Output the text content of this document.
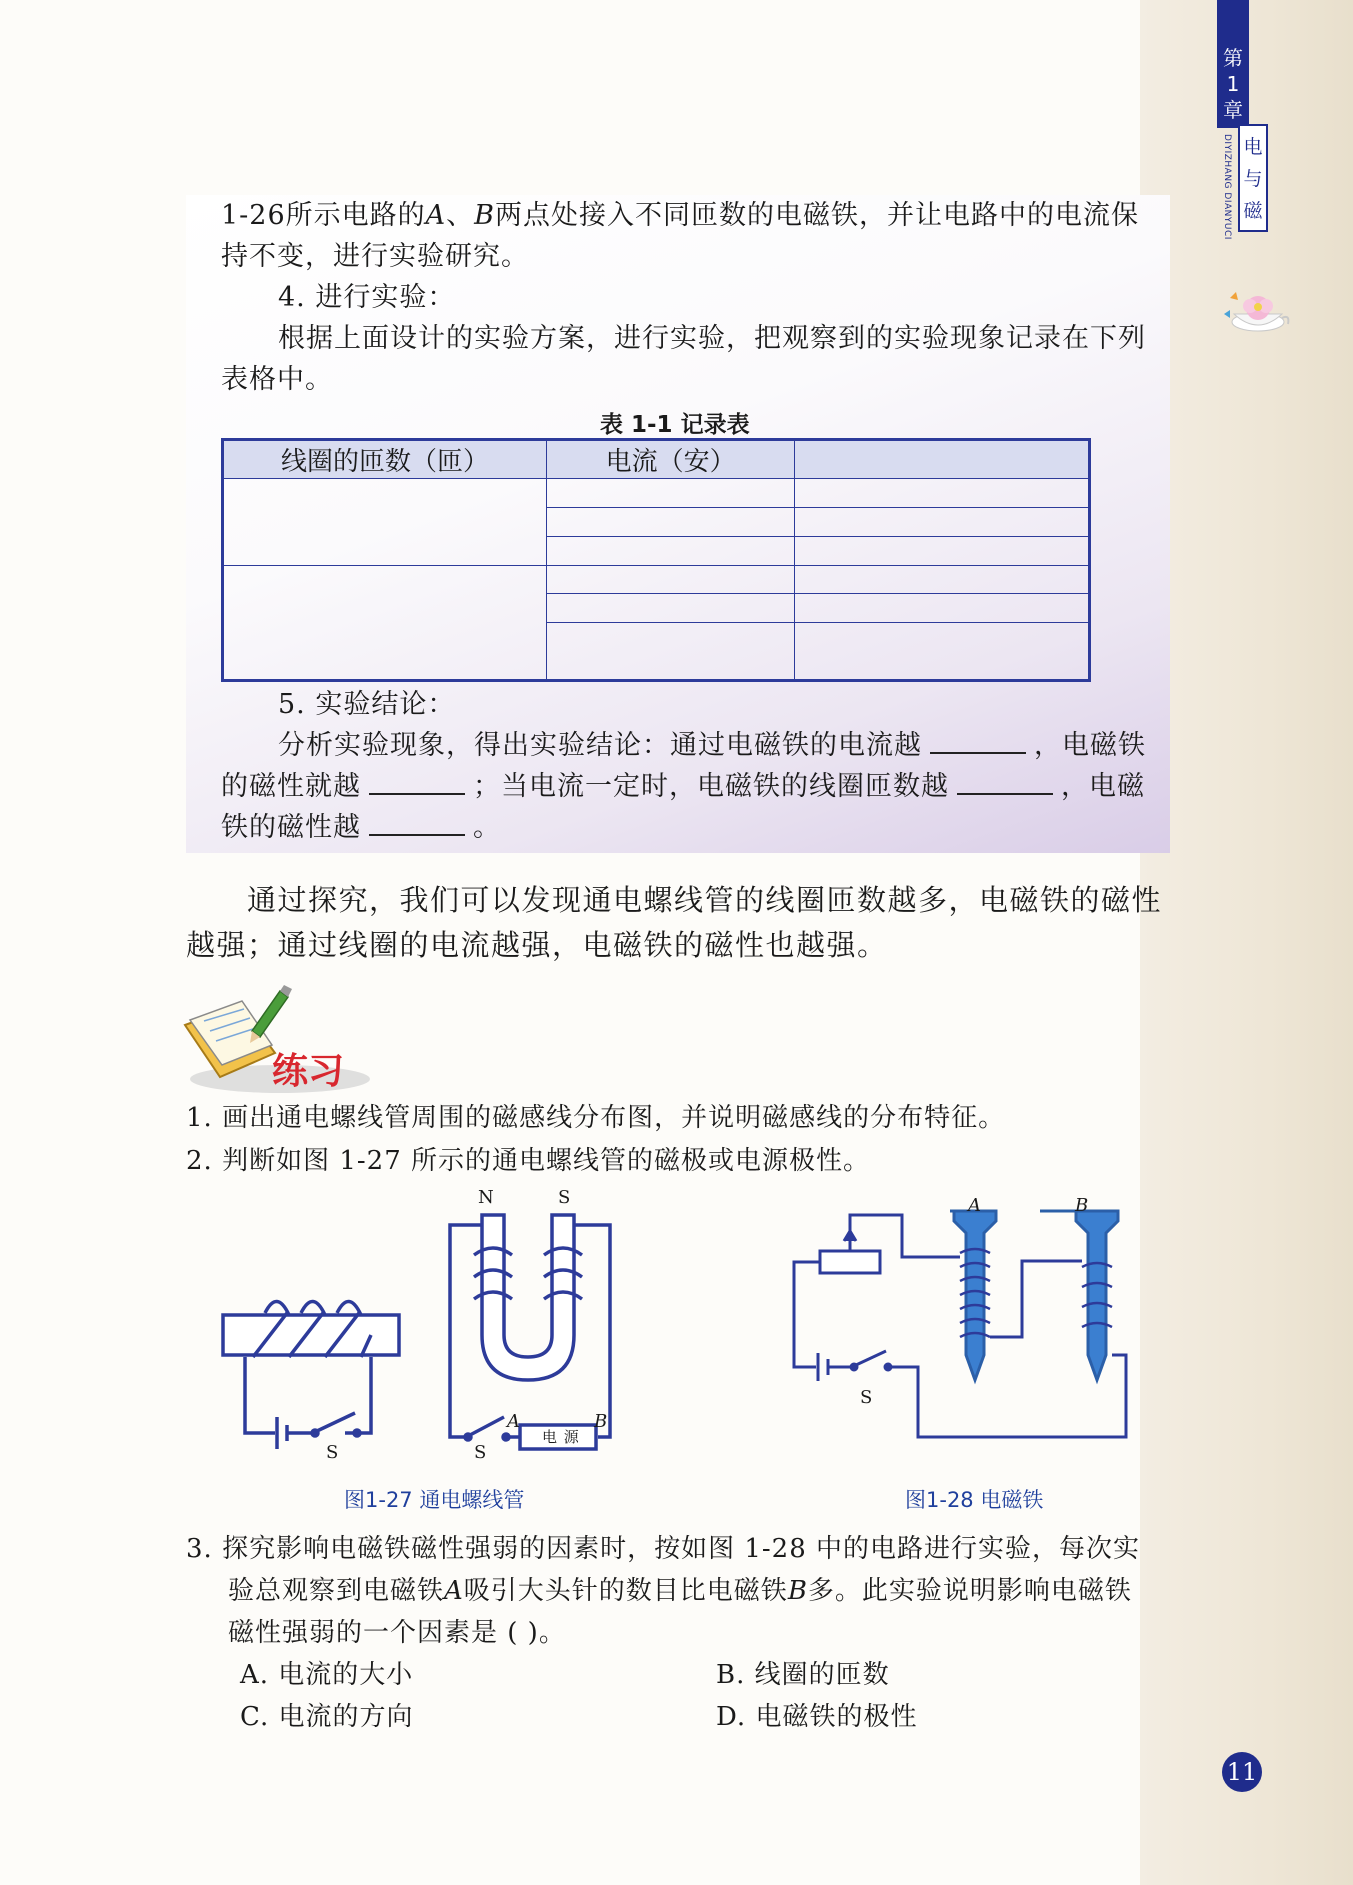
第
1
章
DIYIZHANG DIANYUCI 电
与
磁
1-26所示电路的A、B两点处接入不同匝数的电磁铁，并让电路中的电流保
持不变，进行实验研究。
4. 进行实验：
根据上面设计的实验方案，进行实验，把观察到的实验现象记录在下列
表格中。
表 1-1 记录表
线圈的匝数（匝）	电流（安）	

5. 实验结论：
分析实验现象，得出实验结论：通过电磁铁的电流越	，电磁铁
的磁性就越	；当电流一定时，电磁铁的线圈匝数越	，电磁
铁的磁性越	。
通过探究，我们可以发现通电螺线管的线圈匝数越多，电磁铁的磁性
越强；通过线圈的电流越强，电磁铁的磁性也越强。
练习
1. 画出通电螺线管周围的磁感线分布图，并说明磁感线的分布特征。
2. 判断如图 1-27 所示的通电螺线管的磁极或电源极性。
S
N	S
A	B
电 源
S
A	B
S
图1-27 通电螺线管	图1-28 电磁铁
3. 探究影响电磁铁磁性强弱的因素时，按如图 1-28 中的电路进行实验，每次实
验总观察到电磁铁A吸引大头针的数目比电磁铁B多。此实验说明影响电磁铁
磁性强弱的一个因素是 ( )。
A. 电流的大小	B. 线圈的匝数
C. 电流的方向	D. 电磁铁的极性
11
